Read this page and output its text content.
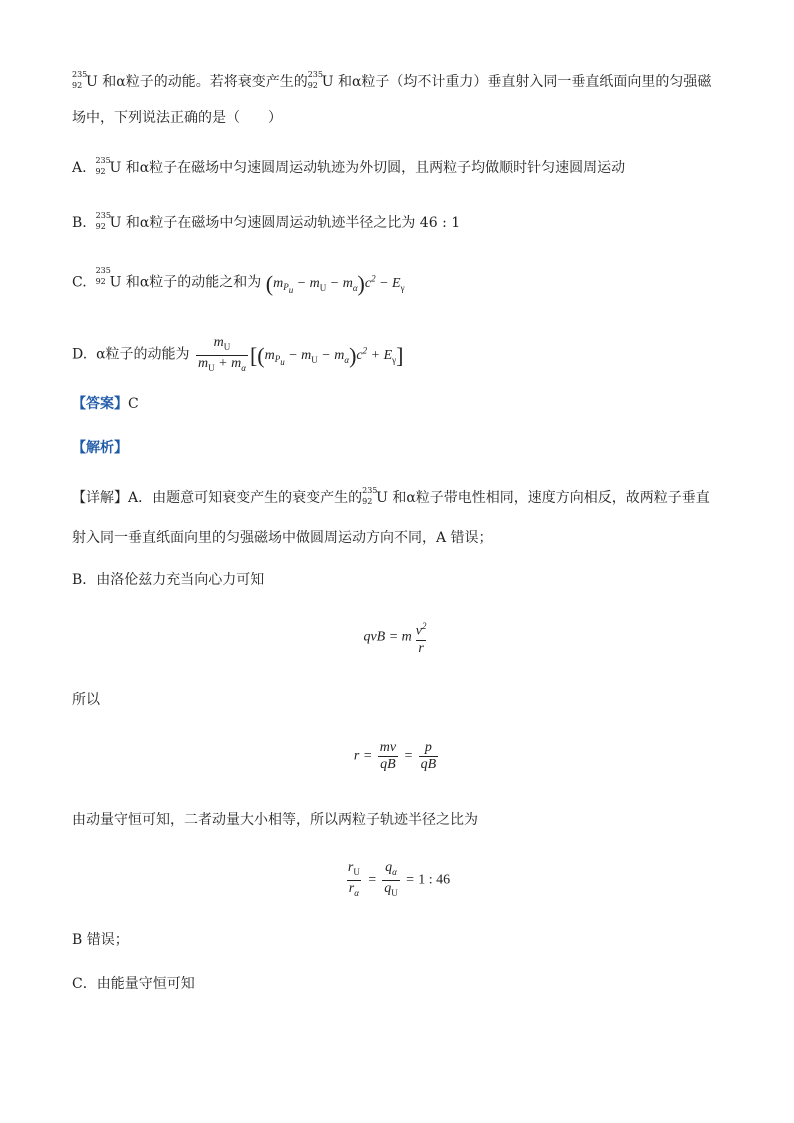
235
92 U 和α粒子的动能。若将衰变产生的 235
92 U 和α粒子（均不计重力）垂直射入同一垂直纸面向里的匀强磁
场中，下列说法正确的是（　　）
A. 235
92 U 和α粒子在磁场中匀速圆周运动轨迹为外切圆，且两粒子均做顺时针匀速圆周运动
B. 235
92 U 和α粒子在磁场中匀速圆周运动轨迹半径之比为 46 : 1
C.
235
92 U 和α粒子的动能之和为 $(m_{P_u} - m_U - m_\alpha)c^2 - E_\gamma$
D. α粒子的动能为 $\frac{m_U}{m_U + m_\alpha} [(m_{P_u} - m_U - m_\alpha)c^2 + E_\gamma]$
【答案】C
【解析】
【详解】A．由题意可知衰变产生的衰变产生的 235
92 U 和α粒子带电性相同，速度方向相反，故两粒子垂直
射入同一垂直纸面向里的匀强磁场中做圆周运动方向不同，A 错误；
B．由洛伦兹力充当向心力可知
qvB = m $\frac{v^2}{r}$
所以
$r = \frac{mv}{qB} = \frac{p}{qB}$
由动量守恒可知，二者动量大小相等，所以两粒子轨迹半径之比为
$\frac{r_U}{r_\alpha} = \frac{q_\alpha}{q_U} = 1$ : 46
B 错误；
C．由能量守恒可知
